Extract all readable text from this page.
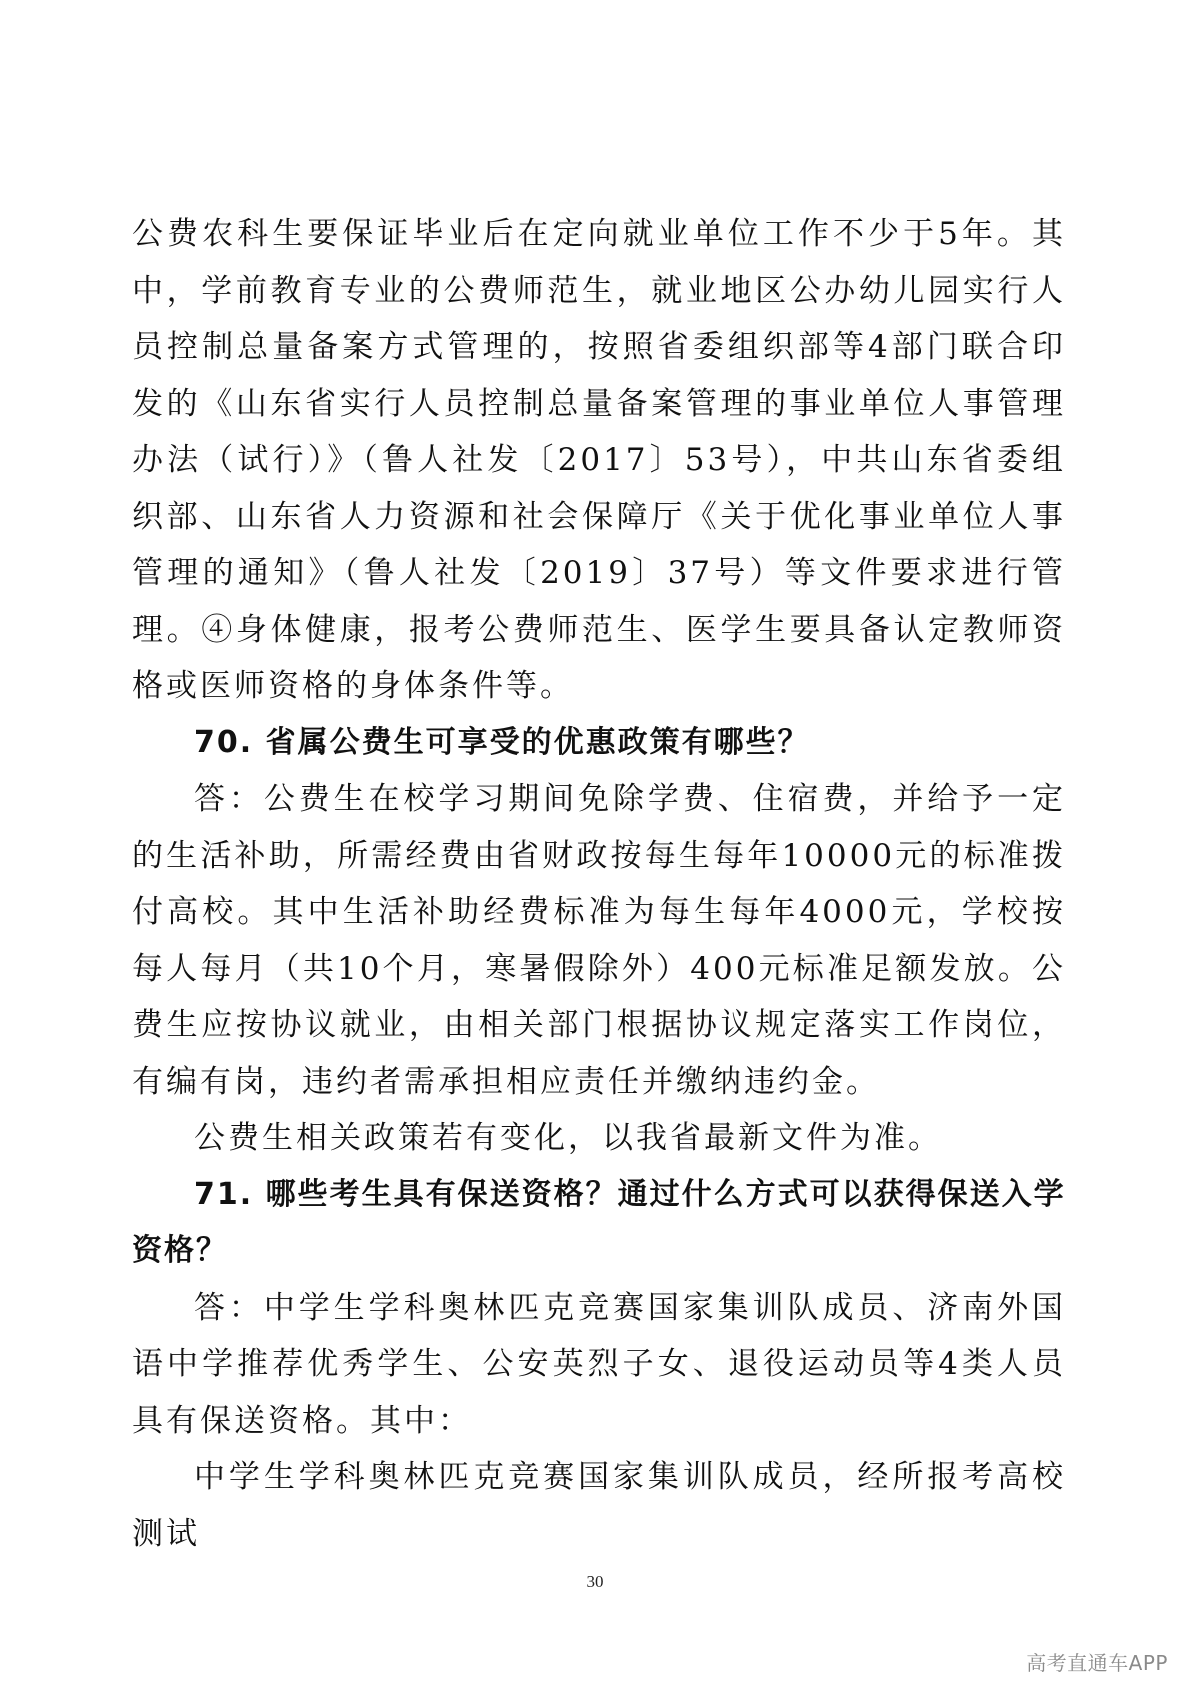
公费农科生要保证毕业后在定向就业单位工作不少于5年。其中，学前教育专业的公费师范生，就业地区公办幼儿园实行人员控制总量备案方式管理的，按照省委组织部等4部门联合印发的《山东省实行人员控制总量备案管理的事业单位人事管理办法（试行）》（鲁人社发〔2017〕53号），中共山东省委组织部、山东省人力资源和社会保障厅《关于优化事业单位人事管理的通知》（鲁人社发〔2019〕37号）等文件要求进行管理。④身体健康，报考公费师范生、医学生要具备认定教师资格或医师资格的身体条件等。

70. 省属公费生可享受的优惠政策有哪些？

答：公费生在校学习期间免除学费、住宿费，并给予一定的生活补助，所需经费由省财政按每生每年10000元的标准拨付高校。其中生活补助经费标准为每生每年4000元，学校按每人每月（共10个月，寒暑假除外）400元标准足额发放。公费生应按协议就业，由相关部门根据协议规定落实工作岗位，有编有岗，违约者需承担相应责任并缴纳违约金。

公费生相关政策若有变化，以我省最新文件为准。

71. 哪些考生具有保送资格？通过什么方式可以获得保送入学资格？

答：中学生学科奥林匹克竞赛国家集训队成员、济南外国语中学推荐优秀学生、公安英烈子女、退役运动员等4类人员具有保送资格。其中：

中学生学科奥林匹克竞赛国家集训队成员，经所报考高校测试

30
高考直通车APP
